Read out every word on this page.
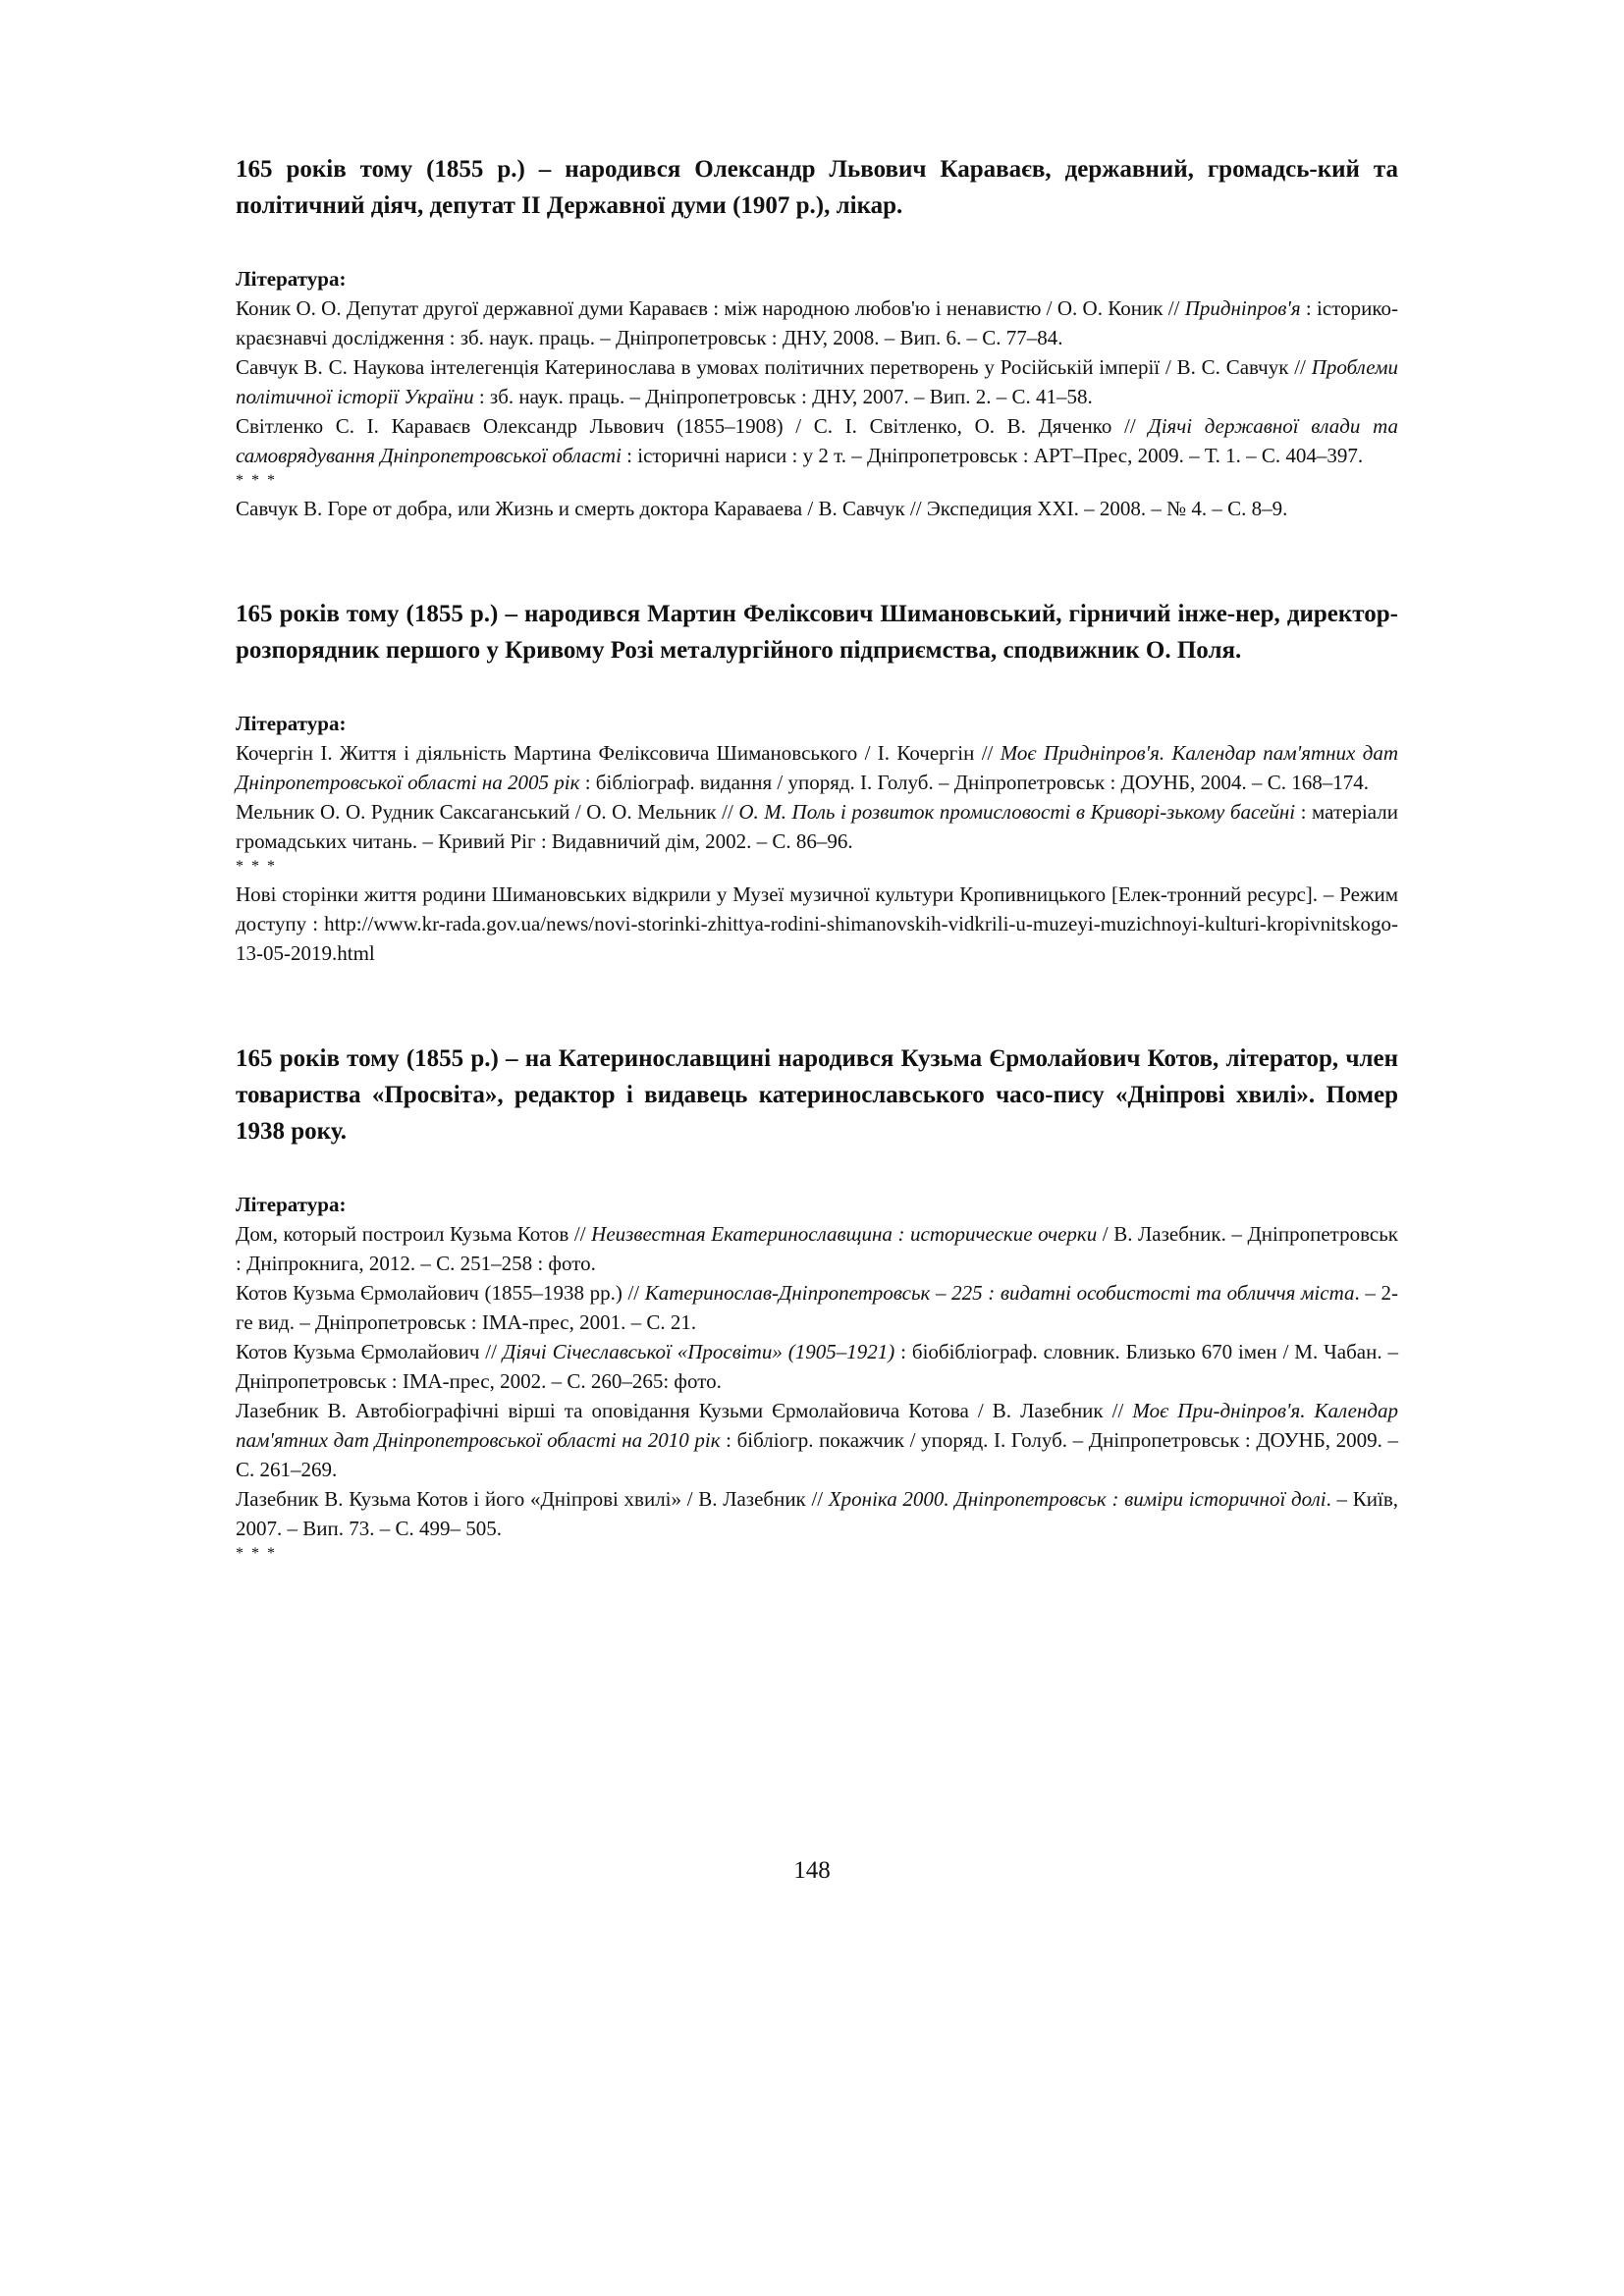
165 років тому (1855 р.) – народився Олександр Львович Караваєв, державний, громадсь-кий та політичний діяч, депутат ІІ Державної думи (1907 р.), лікар.

Література:

Коник О. О. Депутат другої державної думи Караваєв : між народною любов'ю і ненавистю / О. О. Коник // Придніпров'я : історико-краєзнавчі дослідження : зб. наук. праць. – Дніпропетровськ : ДНУ, 2008. – Вип. 6. – С. 77–84.

Савчук В. С. Наукова інтелегенція Катеринослава в умовах політичних перетворень у Російській імперії / В. С. Савчук // Проблеми політичної історії України : зб. наук. праць. – Дніпропетровськ : ДНУ, 2007. – Вип. 2. – С. 41–58.

Світленко С. І. Караваєв Олександр Львович (1855–1908) / С. І. Світленко, О. В. Дяченко // Діячі державної влади та самоврядування Дніпропетровської області : історичні нариси : у 2 т. – Дніпропетровськ : АРТ–Прес, 2009. – Т. 1. – С. 404–397.

* * *

Савчук В. Горе от добра, или Жизнь и смерть доктора Караваева / В. Савчук // Экспедиция XXI. – 2008. – № 4. – С. 8–9.

165 років тому (1855 р.) – народився Мартин Феліксович Шимановський, гірничий інже-нер, директор-розпорядник першого у Кривому Розі металургійного підприємства, сподвижник О. Поля.

Література:

Кочергін І. Життя і діяльність Мартина Феліксовича Шимановського / І. Кочергін // Моє Придніпров'я. Календар пам'ятних дат Дніпропетровської області на 2005 рік : бібліограф. видання / упоряд. І. Голуб. – Дніпропетровськ : ДОУНБ, 2004. – С. 168–174.

Мельник О. О. Рудник Саксаганський / О. О. Мельник // О. М. Поль і розвиток промисловості в Криворі-зькому басейні : матеріали громадських читань. – Кривий Ріг : Видавничий дім, 2002. – С. 86–96.

* * *

Нові сторінки життя родини Шимановських відкрили у Музеї музичної культури Кропивницького [Елек-тронний ресурс]. – Режим доступу : http://www.kr-rada.gov.ua/news/novi-storinki-zhittya-rodini-shimanovskih-vidkrili-u-muzeyi-muzichnoyi-kulturi-kropivnitskogo-13-05-2019.html

165 років тому (1855 р.) – на Катеринославщині народився Кузьма Єрмолайович Котов, літератор, член товариства «Просвіта», редактор і видавець катеринославського часо-пису «Дніпрові хвилі». Помер 1938 року.

Література:

Дом, который построил Кузьма Котов // Неизвестная Екатеринославщина : исторические очерки / В. Лазебник. – Дніпропетровськ : Дніпрокнига, 2012. – С. 251–258 : фото.

Котов Кузьма Єрмолайович (1855–1938 рр.) // Катеринослав-Дніпропетровськ – 225 : видатні особистості та обличчя міста. – 2-ге вид. – Дніпропетровськ : ІМА-прес, 2001. – С. 21.

Котов Кузьма Єрмолайович // Діячі Січеславської «Просвіти» (1905–1921) : біобібліограф. словник. Близько 670 імен / М. Чабан. – Дніпропетровськ : ІМА-прес, 2002. – С. 260–265: фото.

Лазебник В. Автобіографічні вірші та оповідання Кузьми Єрмолайовича Котова / В. Лазебник // Моє При-дніпров'я. Календар пам'ятних дат Дніпропетровської області на 2010 рік : бібліогр. покажчик / упоряд. І. Голуб. – Дніпропетровськ : ДОУНБ, 2009. – С. 261–269.

Лазебник В. Кузьма Котов і його «Дніпрові хвилі» / В. Лазебник // Хроніка 2000. Дніпропетровськ : виміри історичної долі. – Київ, 2007. – Вип. 73. – С. 499– 505.

* * *

148
